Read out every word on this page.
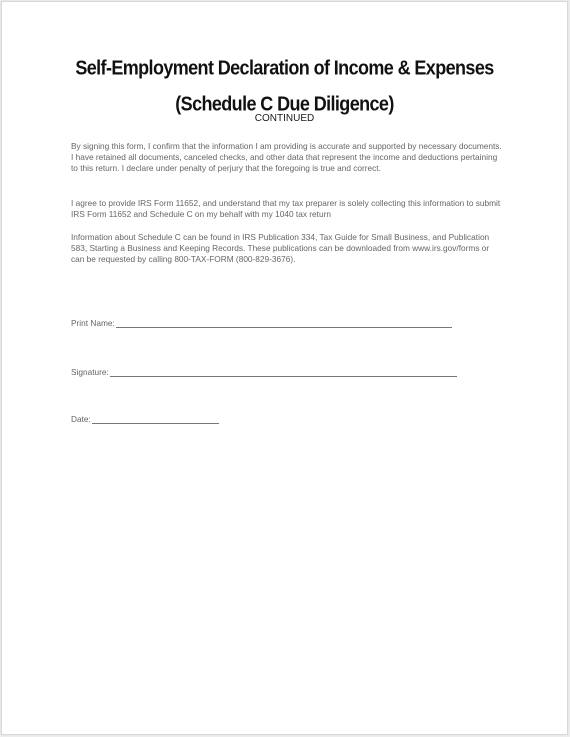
Self-Employment Declaration of Income & Expenses
(Schedule C Due Diligence)
CONTINUED

By signing this form, I confirm that the information I am providing is accurate and supported by necessary documents. I have retained all documents, canceled checks, and other data that represent the income and deductions pertaining to this return. I declare under penalty of perjury that the foregoing is true and correct.

I agree to provide IRS Form 11652, and understand that my tax preparer is solely collecting this information to submit IRS Form 11652 and Schedule C on my behalf with my 1040 tax return

Information about Schedule C can be found in IRS Publication 334, Tax Guide for Small Business, and Publication 583, Starting a Business and Keeping Records. These publications can be downloaded from www.irs.gov/forms or can be requested by calling 800-TAX-FORM (800-829-3676).

Print Name:
Signature:
Date:
